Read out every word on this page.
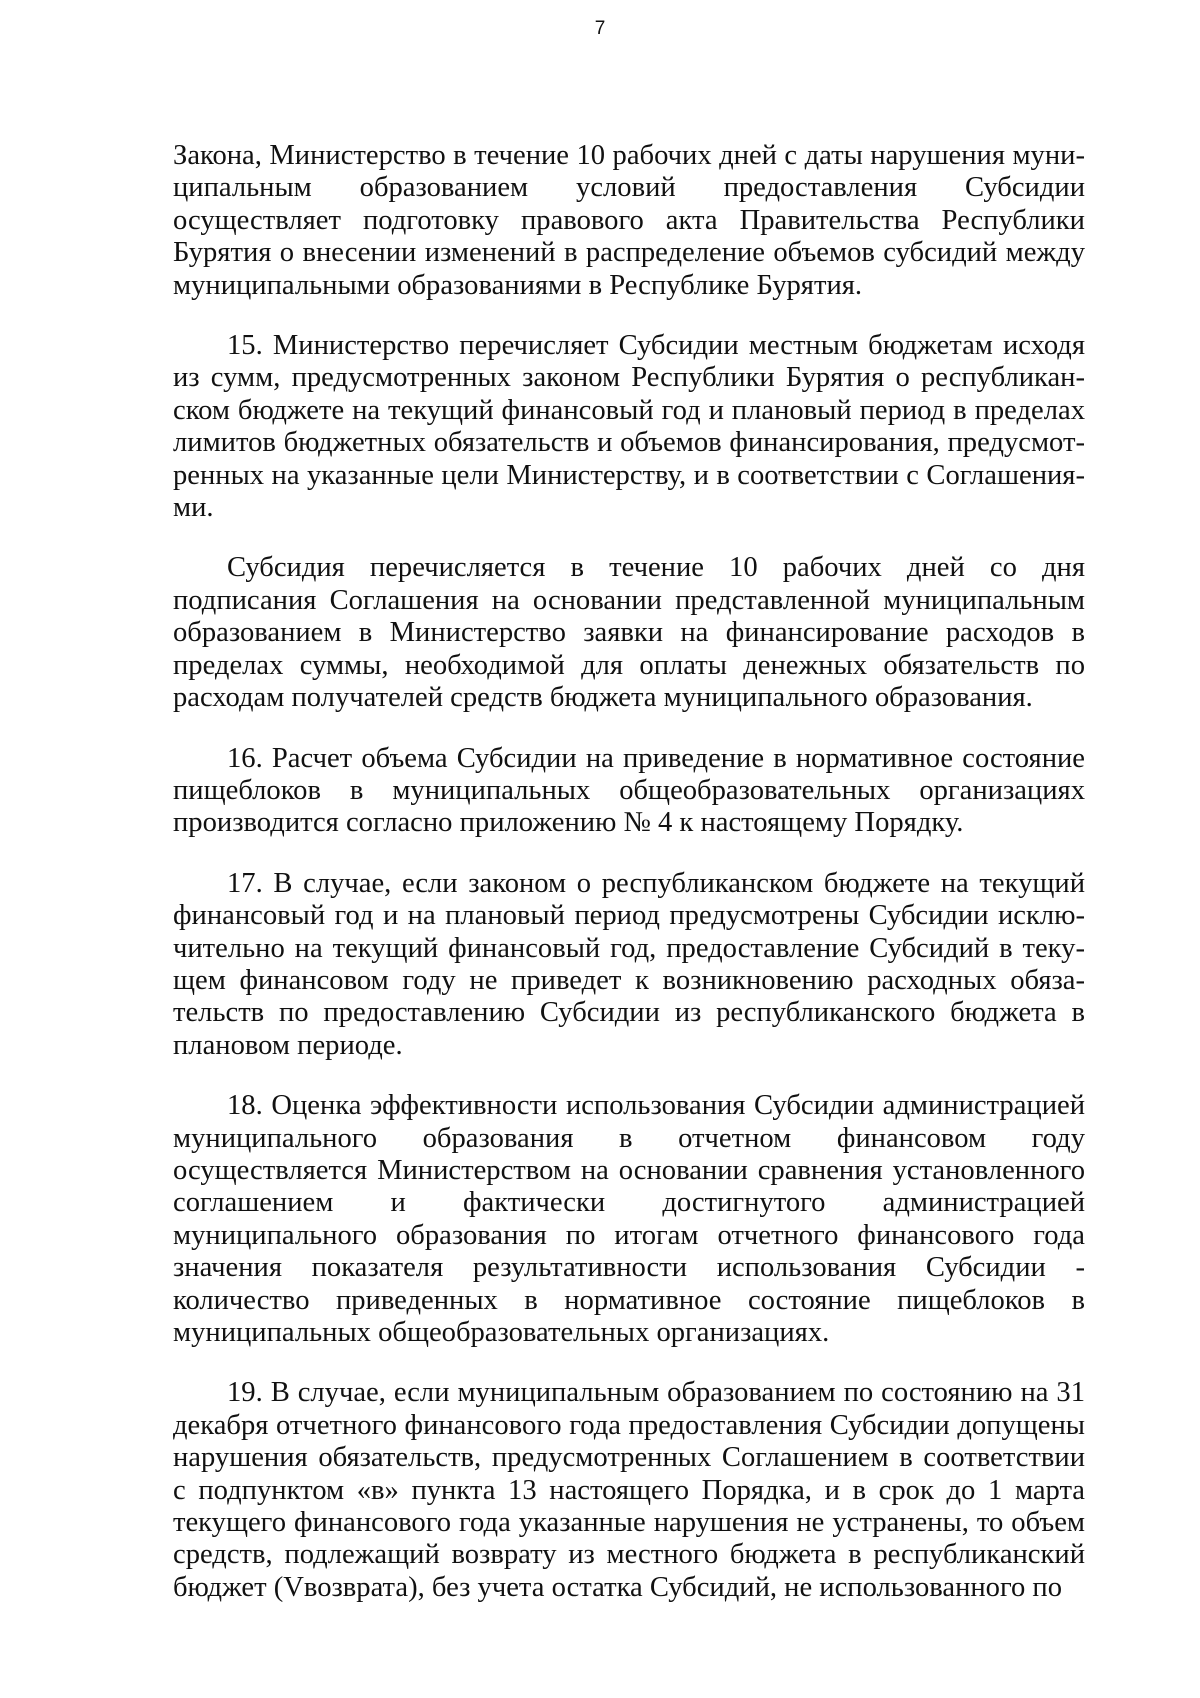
7

Закона, Министерство в течение 10 рабочих дней с даты нарушения муниципальным образованием условий предоставления Субсидии осуществляет подготовку правового акта Правительства Республики Бурятия о внесении изменений в распределение объемов субсидий между муниципальными образованиями в Республике Бурятия.

15. Министерство перечисляет Субсидии местным бюджетам исходя из сумм, предусмотренных законом Республики Бурятия о республиканском бюджете на текущий финансовый год и плановый период в пределах лимитов бюджетных обязательств и объемов финансирования, предусмотренных на указанные цели Министерству, и в соответствии с Соглашениями.

Субсидия перечисляется в течение 10 рабочих дней со дня подписания Соглашения на основании представленной муниципальным образованием в Министерство заявки на финансирование расходов в пределах суммы, необходимой для оплаты денежных обязательств по расходам получателей средств бюджета муниципального образования.

16. Расчет объема Субсидии на приведение в нормативное состояние пищеблоков в муниципальных общеобразовательных организациях производится согласно приложению № 4 к настоящему Порядку.

17. В случае, если законом о республиканском бюджете на текущий финансовый год и на плановый период предусмотрены Субсидии исключительно на текущий финансовый год, предоставление Субсидий в текущем финансовом году не приведет к возникновению расходных обязательств по предоставлению Субсидии из республиканского бюджета в плановом периоде.

18. Оценка эффективности использования Субсидии администрацией муниципального образования в отчетном финансовом году осуществляется Министерством на основании сравнения установленного соглашением и фактически достигнутого администрацией муниципального образования по итогам отчетного финансового года значения показателя результативности использования Субсидии - количество приведенных в нормативное состояние пищеблоков в муниципальных общеобразовательных организациях.

19. В случае, если муниципальным образованием по состоянию на 31 декабря отчетного финансового года предоставления Субсидии допущены нарушения обязательств, предусмотренных Соглашением в соответствии с подпунктом «в» пункта 13 настоящего Порядка, и в срок до 1 марта текущего финансового года указанные нарушения не устранены, то объем средств, подлежащий возврату из местного бюджета в республиканский бюджет (Vвозврата), без учета остатка Субсидий, не использованного по
